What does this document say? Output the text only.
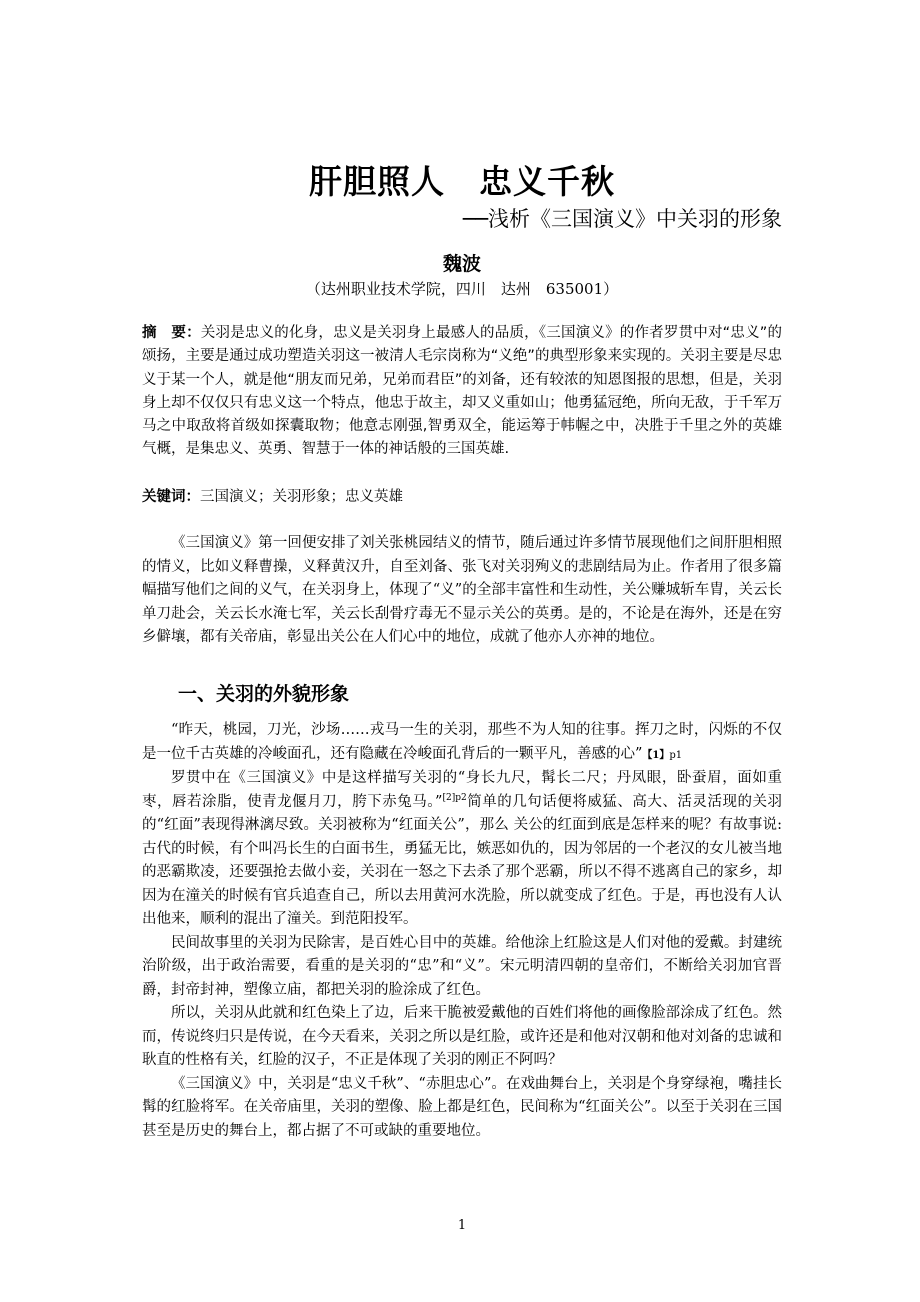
肝胆照人 忠义千秋
──浅析《三国演义》中关羽的形象
魏波
（达州职业技术学院，四川　达州　635001）
摘　要：关羽是忠义的化身，忠义是关羽身上最感人的品质，《三国演义》的作者罗贯中对“忠义”的颂扬，主要是通过成功塑造关羽这一被清人毛宗岗称为“义绝”的典型形象来实现的。关羽主要是尽忠义于某一个人，就是他“朋友而兄弟，兄弟而君臣”的刘备，还有较浓的知恩图报的思想，但是，关羽身上却不仅仅只有忠义这一个特点，他忠于故主，却又义重如山；他勇猛冠绝，所向无敌，于千军万马之中取敌将首级如探囊取物；他意志刚强,智勇双全，能运筹于帏幄之中，决胜于千里之外的英雄气概，是集忠义、英勇、智慧于一体的神话般的三国英雄.
关键词：三国演义；关羽形象；忠义英雄

《三国演义》第一回便安排了刘关张桃园结义的情节，随后通过许多情节展现他们之间肝胆相照的情义，比如义释曹操，义释黄汉升，自至刘备、张飞对关羽殉义的悲剧结局为止。作者用了很多篇幅描写他们之间的义气，在关羽身上，体现了“义”的全部丰富性和生动性，关公赚城斩车胄，关云长单刀赴会，关云长水淹七军，关云长刮骨疗毒无不显示关公的英勇。是的，不论是在海外，还是在穷乡僻壤，都有关帝庙，彰显出关公在人们心中的地位，成就了他亦人亦神的地位。

一、关羽的外貌形象

“昨天，桃园，刀光，沙场……戎马一生的关羽，那些不为人知的往事。挥刀之时，闪烁的不仅是一位千古英雄的冷峻面孔，还有隐藏在冷峻面孔背后的一颗平凡，善感的心”【1】p1

罗贯中在《三国演义》中是这样描写关羽的“身长九尺，髯长二尺；丹凤眼，卧蚕眉，面如重枣，唇若涂脂，使青龙偃月刀，胯下赤兔马。”$^{[2]p2}$简单的几句话便将威猛、高大、活灵活现的关羽的“红面”表现得淋漓尽致。关羽被称为“红面关公”，那么 关公的红面到底是怎样来的呢？有故事说: 古代的时候，有个叫冯长生的白面书生，勇猛无比，嫉恶如仇的，因为邻居的一个老汉的女儿被当地的恶霸欺凌，还要强抢去做小妾，关羽在一怒之下去杀了那个恶霸，所以不得不逃离自己的家乡，却因为在潼关的时候有官兵追查自己，所以去用黄河水洗脸，所以就变成了红色。于是，再也没有人认出他来，顺利的混出了潼关。到范阳投军。

民间故事里的关羽为民除害，是百姓心目中的英雄。给他涂上红脸这是人们对他的爱戴。封建统治阶级，出于政治需要，看重的是关羽的“忠”和“义”。宋元明清四朝的皇帝们，不断给关羽加官晋爵，封帝封神，塑像立庙，都把关羽的脸涂成了红色。

所以，关羽从此就和红色染上了边，后来干脆被爱戴他的百姓们将他的画像脸部涂成了红色。然而，传说终归只是传说，在今天看来，关羽之所以是红脸，或许还是和他对汉朝和他对刘备的忠诚和耿直的性格有关，红脸的汉子，不正是体现了关羽的刚正不阿吗？

《三国演义》中，关羽是“忠义千秋”、“赤胆忠心”。在戏曲舞台上，关羽是个身穿绿袍，嘴挂长髯的红脸将军。在关帝庙里，关羽的塑像、脸上都是红色，民间称为“红面关公”。以至于关羽在三国甚至是历史的舞台上，都占据了不可或缺的重要地位。

1
